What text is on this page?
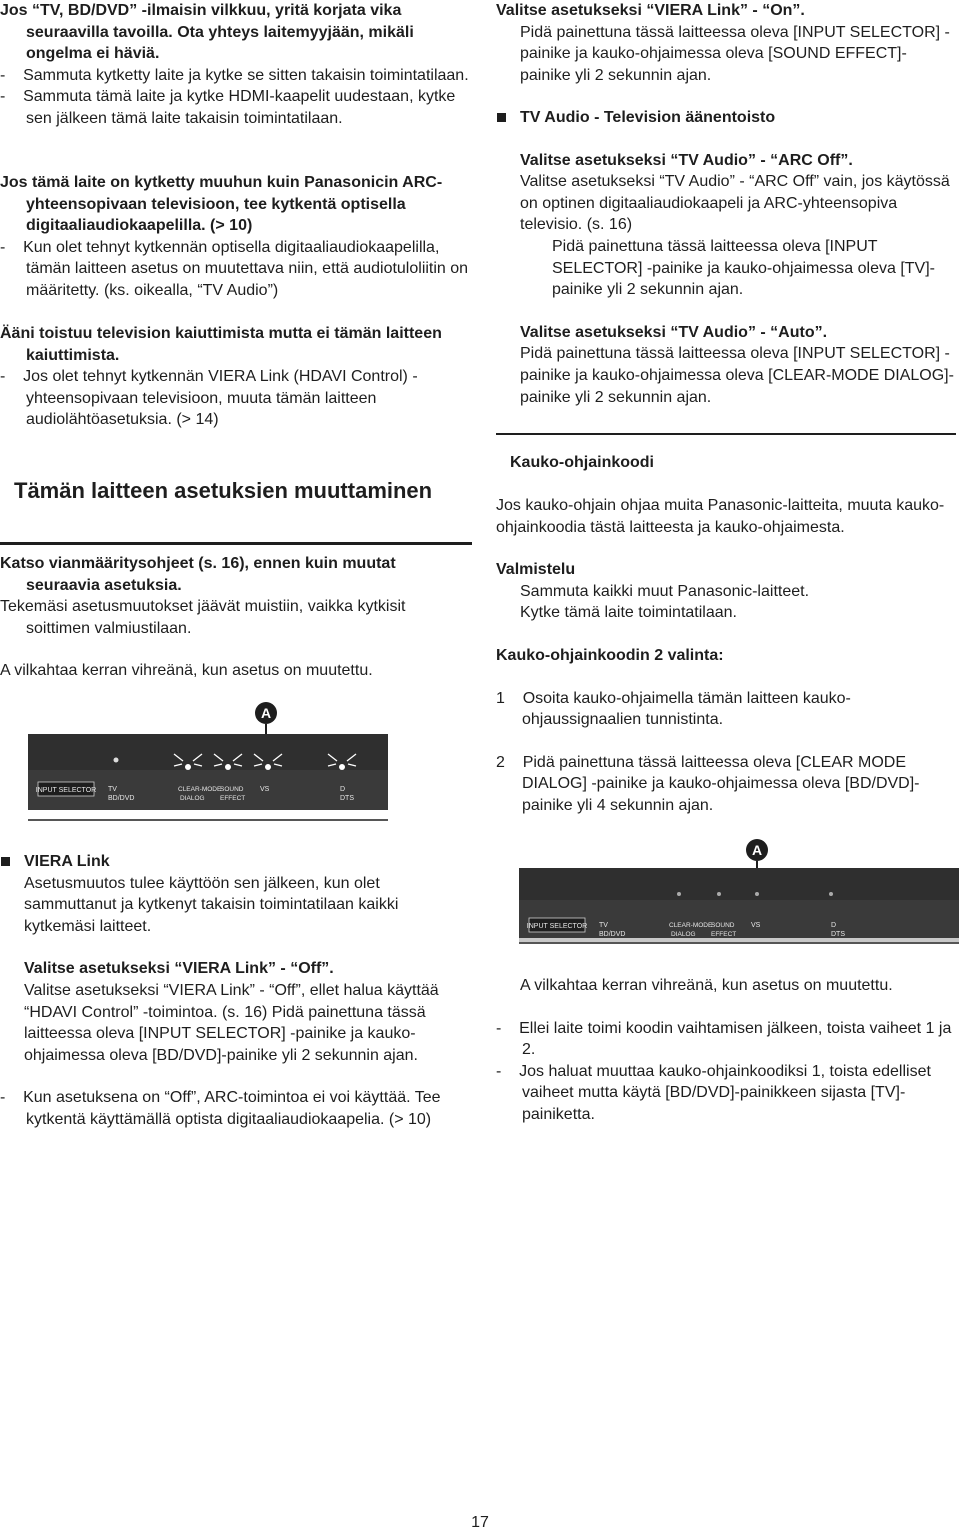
Jos “TV, BD/DVD” -ilmaisin vilkkuu, yritä korjata vika seuraavilla tavoilla. Ota yhteys laitemyyjään, mikäli ongelma ei häviä.

-    Sammuta kytketty laite ja kytke se sitten takaisin toimintatilaan.

-    Sammuta tämä laite ja kytke HDMI-kaapelit uudestaan, kytke sen jälkeen tämä laite takaisin toimintatilaan.

Jos tämä laite on kytketty muuhun kuin Panasonicin ARC-yhteensopivaan televisioon, tee kytkentä optisella digitaaliaudiokaapelilla. (> 10)

-    Kun olet tehnyt kytkennän optisella digitaaliaudiokaapelilla, tämän laitteen asetus on muutettava niin, että audiotuloliitin on määritetty. (ks. oikealla, “TV Audio”)

Ääni toistuu television kaiuttimista mutta ei tämän laitteen kaiuttimista.

-    Jos olet tehnyt kytkennän VIERA Link (HDAVI Control) -yhteensopivaan televisioon, muuta tämän laitteen audiolähtöasetuksia. (> 14)

Tämän laitteen asetuksien muuttaminen

Katso vianmääritysohjeet (s. 16), ennen kuin muutat seuraavia asetuksia.

Tekemäsi asetusmuutokset jäävät muistiin, vaikka kytkisit soittimen valmiustilaan.

A vilkahtaa kerran vihreänä, kun asetus on muutettu.

A
INPUT SELECTOR TV
BD/DVD
CLEAR-MODE
DIALOG
SOUND
EFFECT
VS	D
DTS

VIERA Link

Asetusmuutos tulee käyttöön sen jälkeen, kun olet sammuttanut ja kytkenyt takaisin toimintatilaan kaikki kytkemäsi laitteet.

Valitse asetukseksi “VIERA Link” - “Off”.

Valitse asetukseksi “VIERA Link” - “Off”, ellet halua käyttää “HDAVI Control” -toimintoa. (s. 16) Pidä painettuna tässä laitteessa oleva [INPUT SELECTOR] -painike ja kauko-ohjaimessa oleva [BD/DVD]-painike yli 2 sekunnin ajan.

-    Kun asetuksena on “Off”, ARC-toimintoa ei voi käyttää. Tee kytkentä käyttämällä optista digitaaliaudiokaapelia. (> 10)

Valitse asetukseksi “VIERA Link” - “On”.

Pidä painettuna tässä laitteessa oleva [INPUT SELECTOR] -painike ja kauko-ohjaimessa oleva [SOUND EFFECT]-painike yli 2 sekunnin ajan.

TV Audio - Television äänentoisto

Valitse asetukseksi “TV Audio” - “ARC Off”.

Valitse asetukseksi “TV Audio” - “ARC Off” vain, jos käytössä on optinen digitaaliaudiokaapeli ja ARC-yhteensopiva televisio. (s. 16)

Pidä painettuna tässä laitteessa oleva [INPUT SELECTOR] -painike ja kauko-ohjaimessa oleva [TV]-painike yli 2 sekunnin ajan.

Valitse asetukseksi “TV Audio” - “Auto”.

Pidä painettuna tässä laitteessa oleva [INPUT SELECTOR] -painike ja kauko-ohjaimessa oleva [CLEAR-MODE DIALOG]-painike yli 2 sekunnin ajan.

Kauko-ohjainkoodi

Jos kauko-ohjain ohjaa muita Panasonic-laitteita, muuta kauko-ohjainkoodia tästä laitteesta ja kauko-ohjaimesta.

Valmistelu

Sammuta kaikki muut Panasonic-laitteet.

Kytke tämä laite toimintatilaan.

Kauko-ohjainkoodin 2 valinta:

1 Osoita kauko-ohjaimella tämän laitteen kauko-ohjaussignaalien tunnistinta.

2 Pidä painettuna tässä laitteessa oleva [CLEAR MODE DIALOG] -painike ja kauko-ohjaimessa oleva [BD/DVD]-painike yli 4 sekunnin ajan.

A
INPUT SELECTOR TV
BD/DVD
CLEAR-MODE
DIALOG
SOUND
EFFECT
VS	D
DTS

A vilkahtaa kerran vihreänä, kun asetus on muutettu.

-    Ellei laite toimi koodin vaihtamisen jälkeen, toista vaiheet 1 ja 2.

-    Jos haluat muuttaa kauko-ohjainkoodiksi 1, toista edelliset vaiheet mutta käytä [BD/DVD]-painikkeen sijasta [TV]-painiketta.

17
